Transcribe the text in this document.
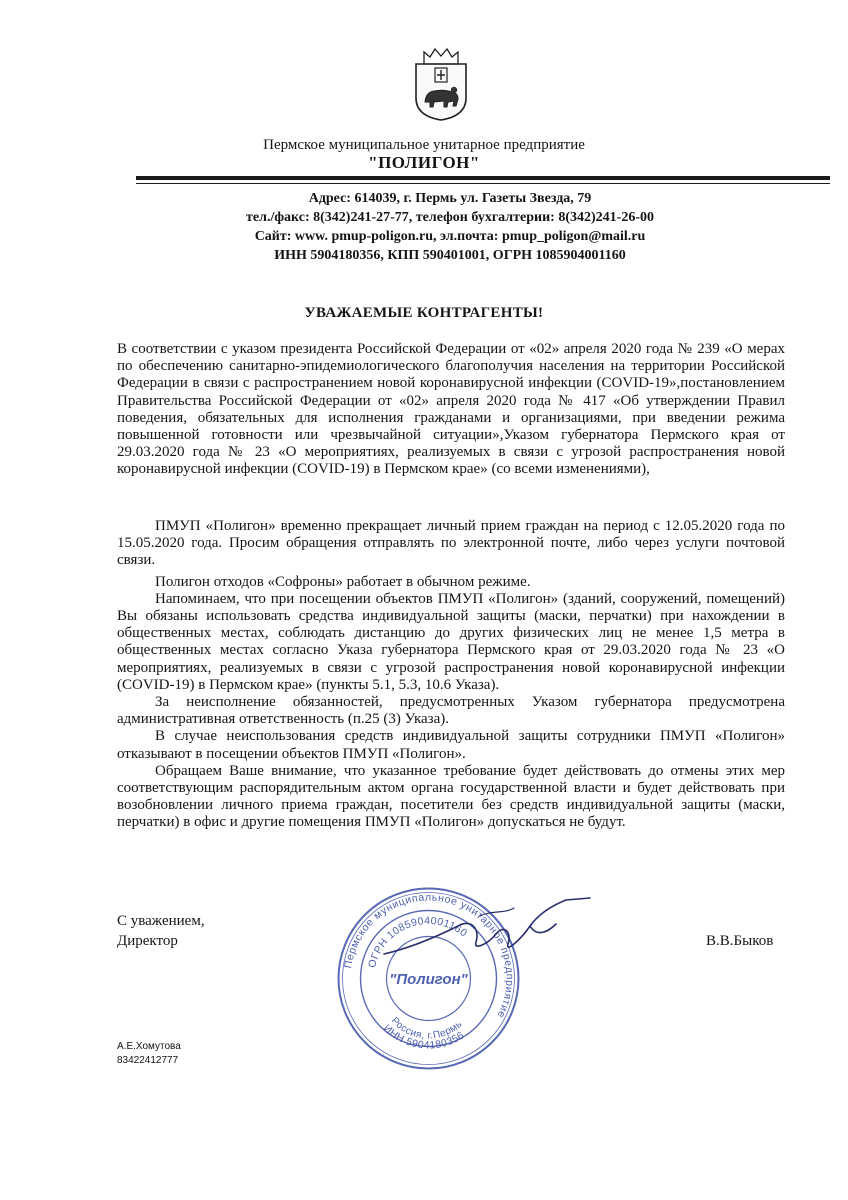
Пермское муниципальное унитарное предприятие
"ПОЛИГОН"
Адрес: 614039, г. Пермь ул. Газеты Звезда, 79
тел./факс: 8(342)241-27-77, телефон бухгалтерии: 8(342)241-26-00
Сайт: www. pmup-poligon.ru, эл.почта: pmup_poligon@mail.ru
ИНН 5904180356, КПП 590401001, ОГРН 1085904001160
УВАЖАЕМЫЕ КОНТРАГЕНТЫ!

В соответствии с указом президента Российской Федерации от «02» апреля 2020 года № 239 «О мерах по обеспечению санитарно-эпидемиологического благополучия населения на территории Российской Федерации в связи с распространением новой коронавирусной инфекции (COVID-19»,постановлением Правительства Российской Федерации от «02» апреля 2020 года № 417 «Об утверждении Правил поведения, обязательных для исполнения гражданами и организациями, при введении режима повышенной готовности или чрезвычайной ситуации»,Указом губернатора Пермского края от 29.03.2020 года № 23 «О мероприятиях, реализуемых в связи с угрозой распространения новой коронавирусной инфекции (COVID-19) в Пермском крае» (со всеми изменениями),

ПМУП «Полигон» временно прекращает личный прием граждан на период с 12.05.2020 года по 15.05.2020 года. Просим обращения отправлять по электронной почте, либо через услуги почтовой связи.

Полигон отходов «Софроны» работает в обычном режиме.

Напоминаем, что при посещении объектов ПМУП «Полигон» (зданий, сооружений, помещений) Вы обязаны использовать средства индивидуальной защиты (маски, перчатки) при нахождении в общественных местах, соблюдать дистанцию до других физических лиц не менее 1,5 метра в общественных местах согласно Указа губернатора Пермского края от 29.03.2020 года № 23 «О мероприятиях, реализуемых в связи с угрозой распространения новой коронавирусной инфекции (COVID-19) в Пермском крае» (пункты 5.1, 5.3, 10.6 Указа).

За неисполнение обязанностей, предусмотренных Указом губернатора предусмотрена административная ответственность (п.25 (3) Указа).

В случае неиспользования средств индивидуальной защиты сотрудники ПМУП «Полигон» отказывают в посещении объектов ПМУП «Полигон».

Обращаем Ваше внимание, что указанное требование будет действовать до отмены этих мер соответствующим распорядительным актом органа государственной власти и будет действовать при возобновлении личного приема граждан, посетители без средств индивидуальной защиты (маски, перчатки) в офис и другие помещения ПМУП «Полигон» допускаться не будут.

С уважением,
Директор	В.В.Быков
Пермское муниципальное унитарное предприятие
ОГРН 1085904001160
"Полигон"
ИНН 5904180356
Россия, г.Пермь
А.Е.Хомутова
83422412777
